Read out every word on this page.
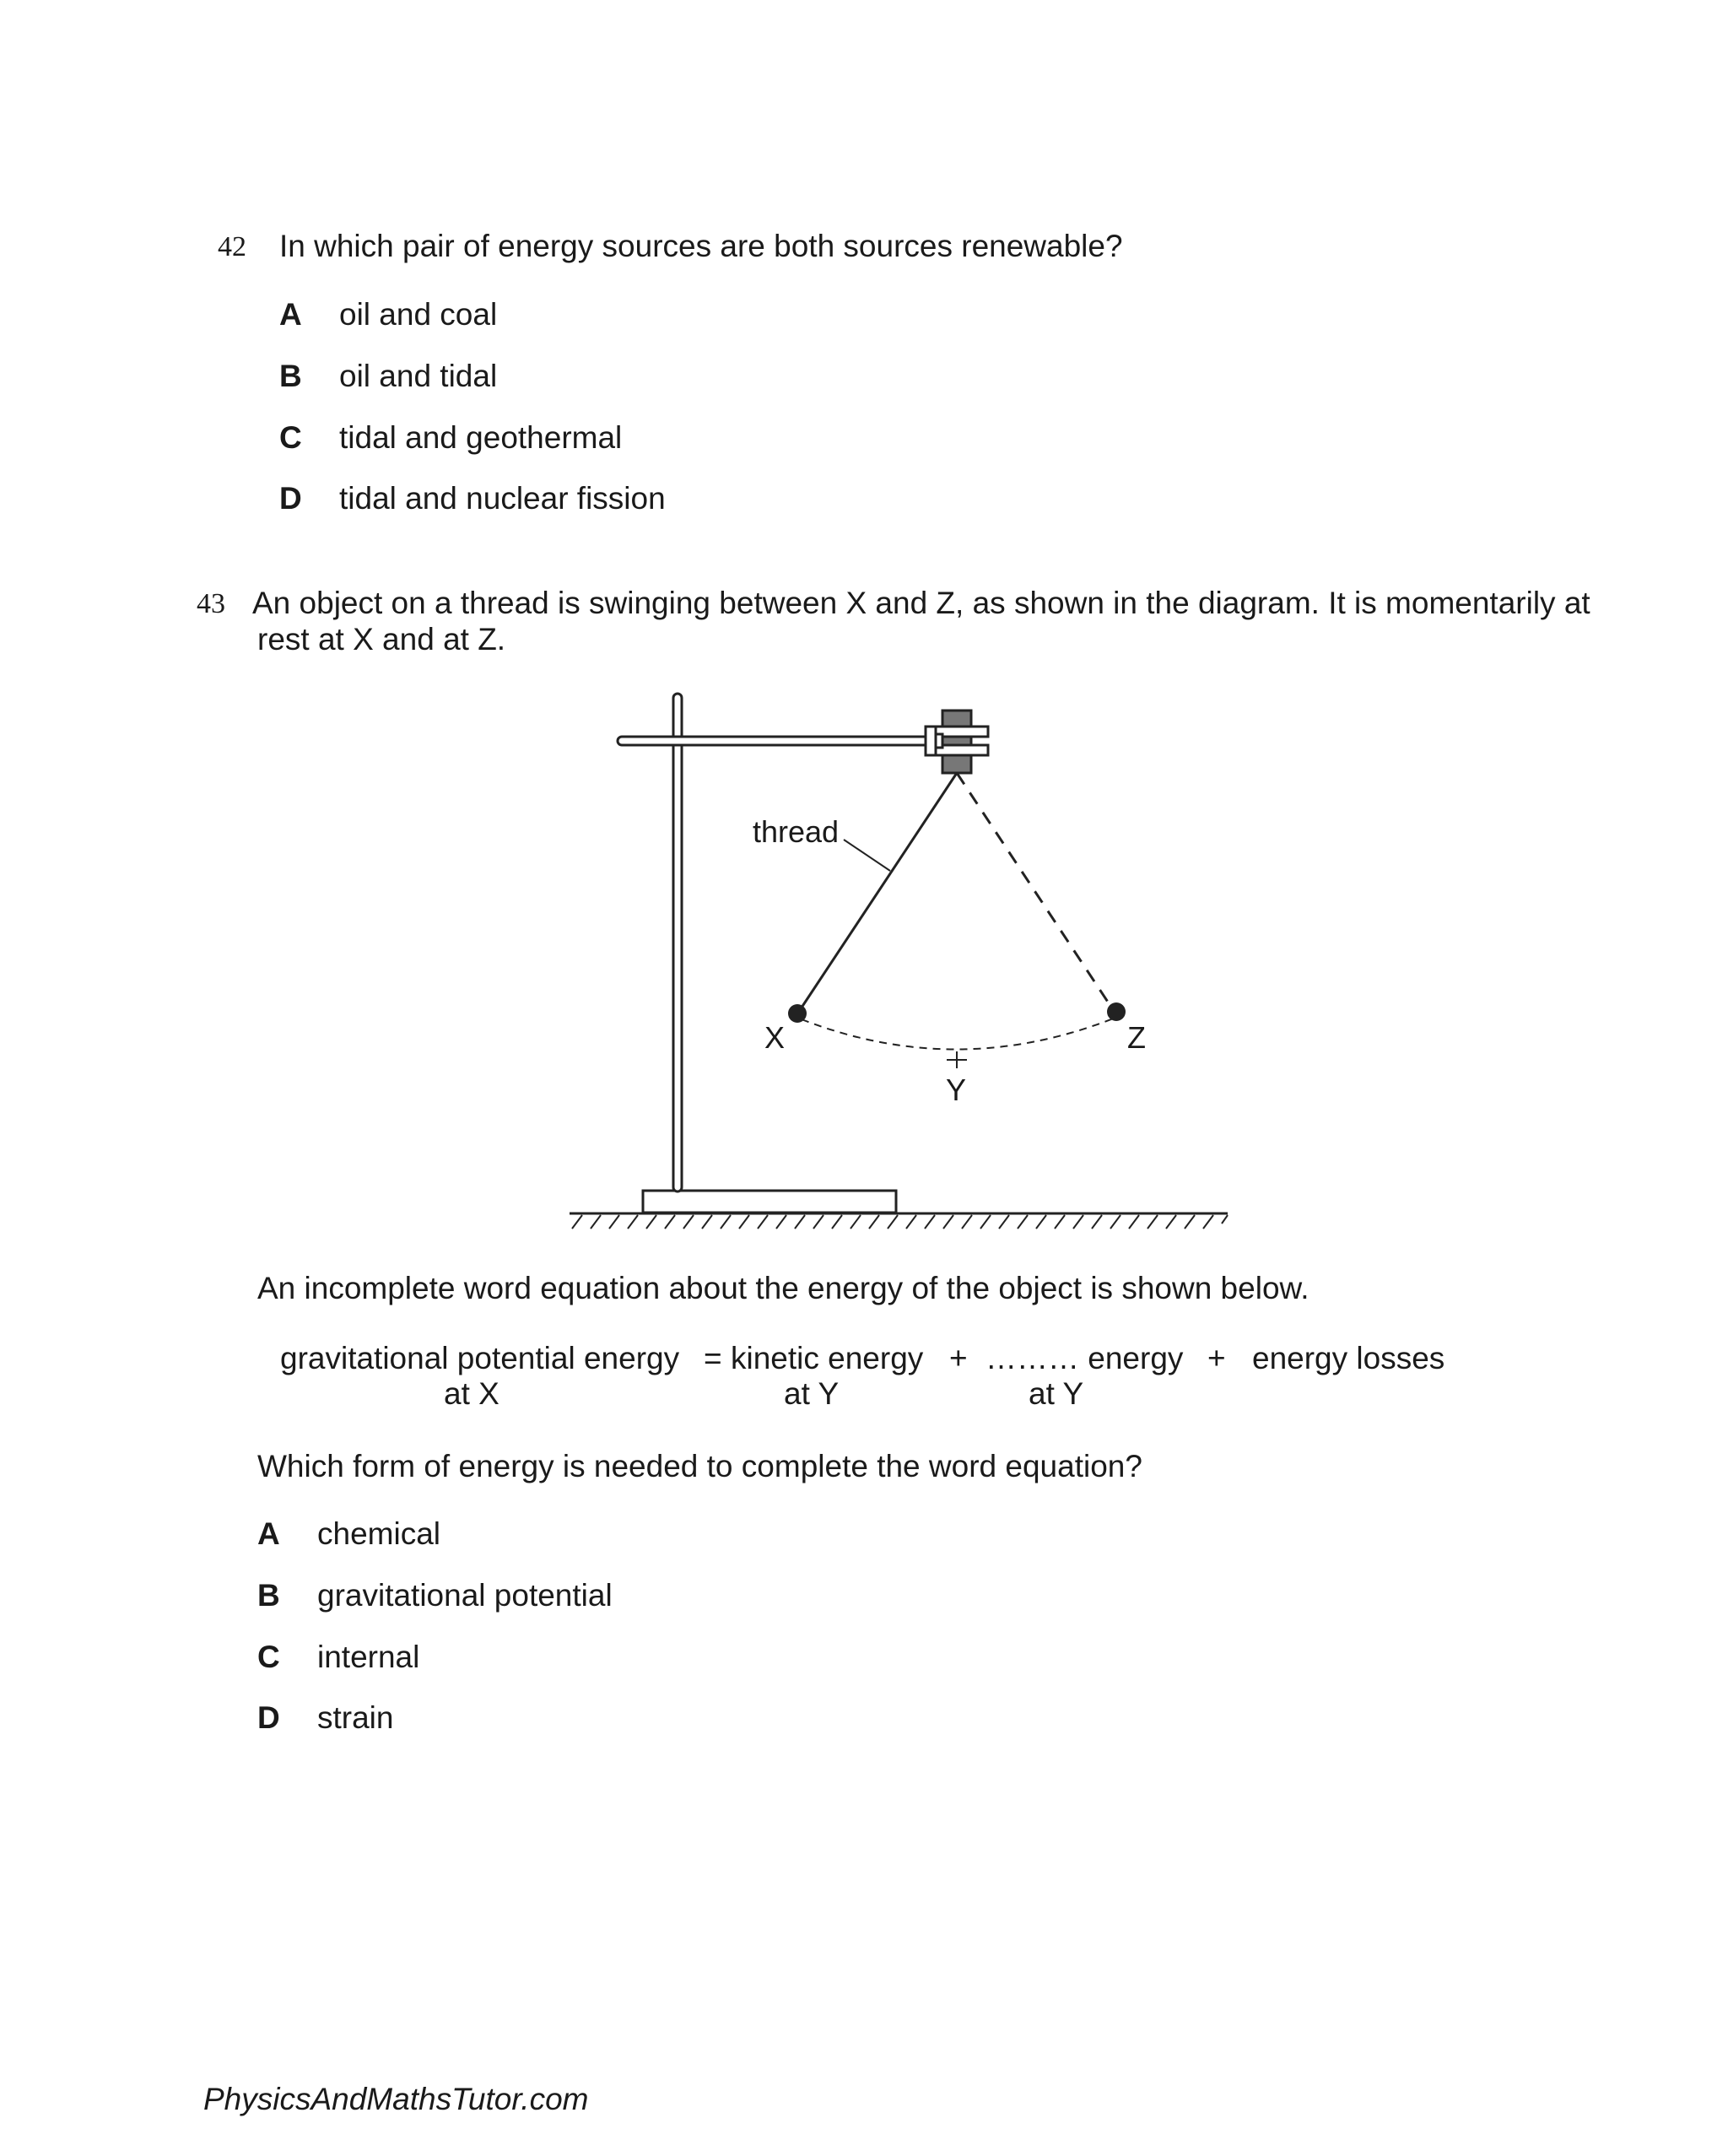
42 In which pair of energy sources are both sources renewable?
A oil and coal
B oil and tidal
C tidal and geothermal
D tidal and nuclear fission
43 An object on a thread is swinging between X and Z, as shown in the diagram. It is momentarily at
rest at X and at Z.
thread
X
Y
Z
An incomplete word equation about the energy of the object is shown below.
gravitational potential energy
at X
= kinetic energy
at Y
+ ……… energy
at Y
+ energy losses
Which form of energy is needed to complete the word equation?
A chemical
B gravitational potential
C internal
D strain
PhysicsAndMathsTutor.com
